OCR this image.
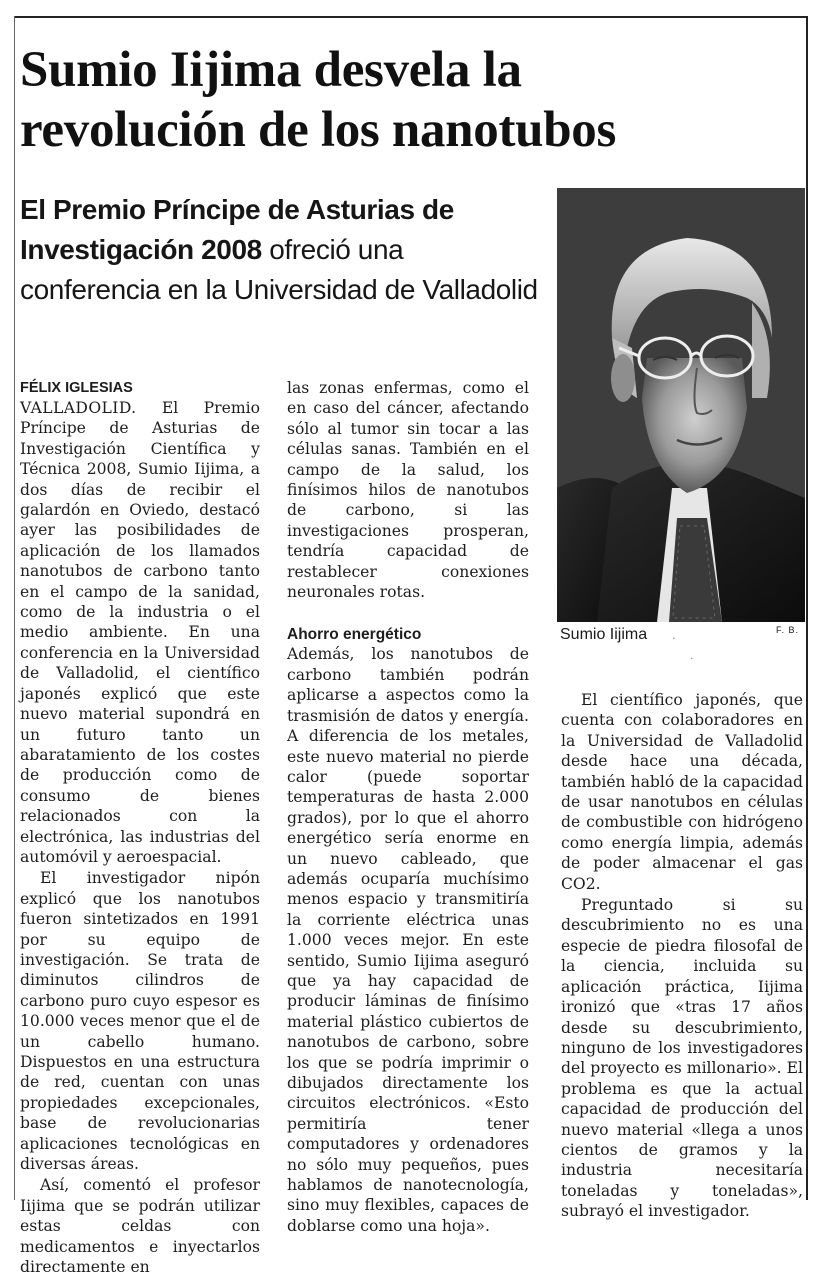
Sumio Iijima desvela la
revolución de los nanotubos
El Premio Príncipe de Asturias de
Investigación 2008 ofreció una
conferencia en la Universidad de Valladolid
Sumio Iijima	F. B.
FÉLIX IGLESIAS

VALLADOLID. El Premio Príncipe de Asturias de Investigación Científica y Técnica 2008, Sumio Iijima, a dos días de recibir el galardón en Oviedo, destacó ayer las posibilidades de aplicación de los llamados nanotubos de carbono tanto en el campo de la sanidad, como de la industria o el medio ambiente. En una conferencia en la Universidad de Valladolid, el científico japonés explicó que este nuevo material supondrá en un futuro tanto un abaratamiento de los costes de producción como de consumo de bienes relacionados con la electrónica, las industrias del automóvil y aeroespacial.

El investigador nipón explicó que los nanotubos fueron sintetizados en 1991 por su equipo de investigación. Se trata de diminutos cilindros de carbono puro cuyo espesor es 10.000 veces menor que el de un cabello humano. Dispuestos en una estructura de red, cuentan con unas propiedades excepcionales, base de revolucionarias aplicaciones tecnológicas en diversas áreas.

Así, comentó el profesor Iijima que se podrán utilizar estas celdas con medicamentos e inyectarlos directamente en

las zonas enfermas, como el en caso del cáncer, afectando sólo al tumor sin tocar a las células sanas. También en el campo de la salud, los finísimos hilos de nanotubos de carbono, si las investigaciones prosperan, tendría capacidad de restablecer conexiones neuronales rotas.

Ahorro energético

Además, los nanotubos de carbono también podrán aplicarse a aspectos como la trasmisión de datos y energía. A diferencia de los metales, este nuevo material no pierde calor (puede soportar temperaturas de hasta 2.000 grados), por lo que el ahorro energético sería enorme en un nuevo cableado, que además ocuparía muchísimo menos espacio y transmitiría la corriente eléctrica unas 1.000 veces mejor. En este sentido, Sumio Iijima aseguró que ya hay capacidad de producir láminas de finísimo material plástico cubiertos de nanotubos de carbono, sobre los que se podría imprimir o dibujados directamente los circuitos electrónicos. «Esto permitiría tener computadores y ordenadores no sólo muy pequeños, pues hablamos de nanotecnología, sino muy flexibles, capaces de doblarse como una hoja».

El científico japonés, que cuenta con colaboradores en la Universidad de Valladolid desde hace una década, también habló de la capacidad de usar nanotubos en células de combustible con hidrógeno como energía limpia, además de poder almacenar el gas CO2.

Preguntado si su descubrimiento no es una especie de piedra filosofal de la ciencia, incluida su aplicación práctica, Iijima ironizó que «tras 17 años desde su descubrimiento, ninguno de los investigadores del proyecto es millonario». El problema es que la actual capacidad de producción del nuevo material «llega a unos cientos de gramos y la industria necesitaría toneladas y toneladas», subrayó el investigador.

·
·
